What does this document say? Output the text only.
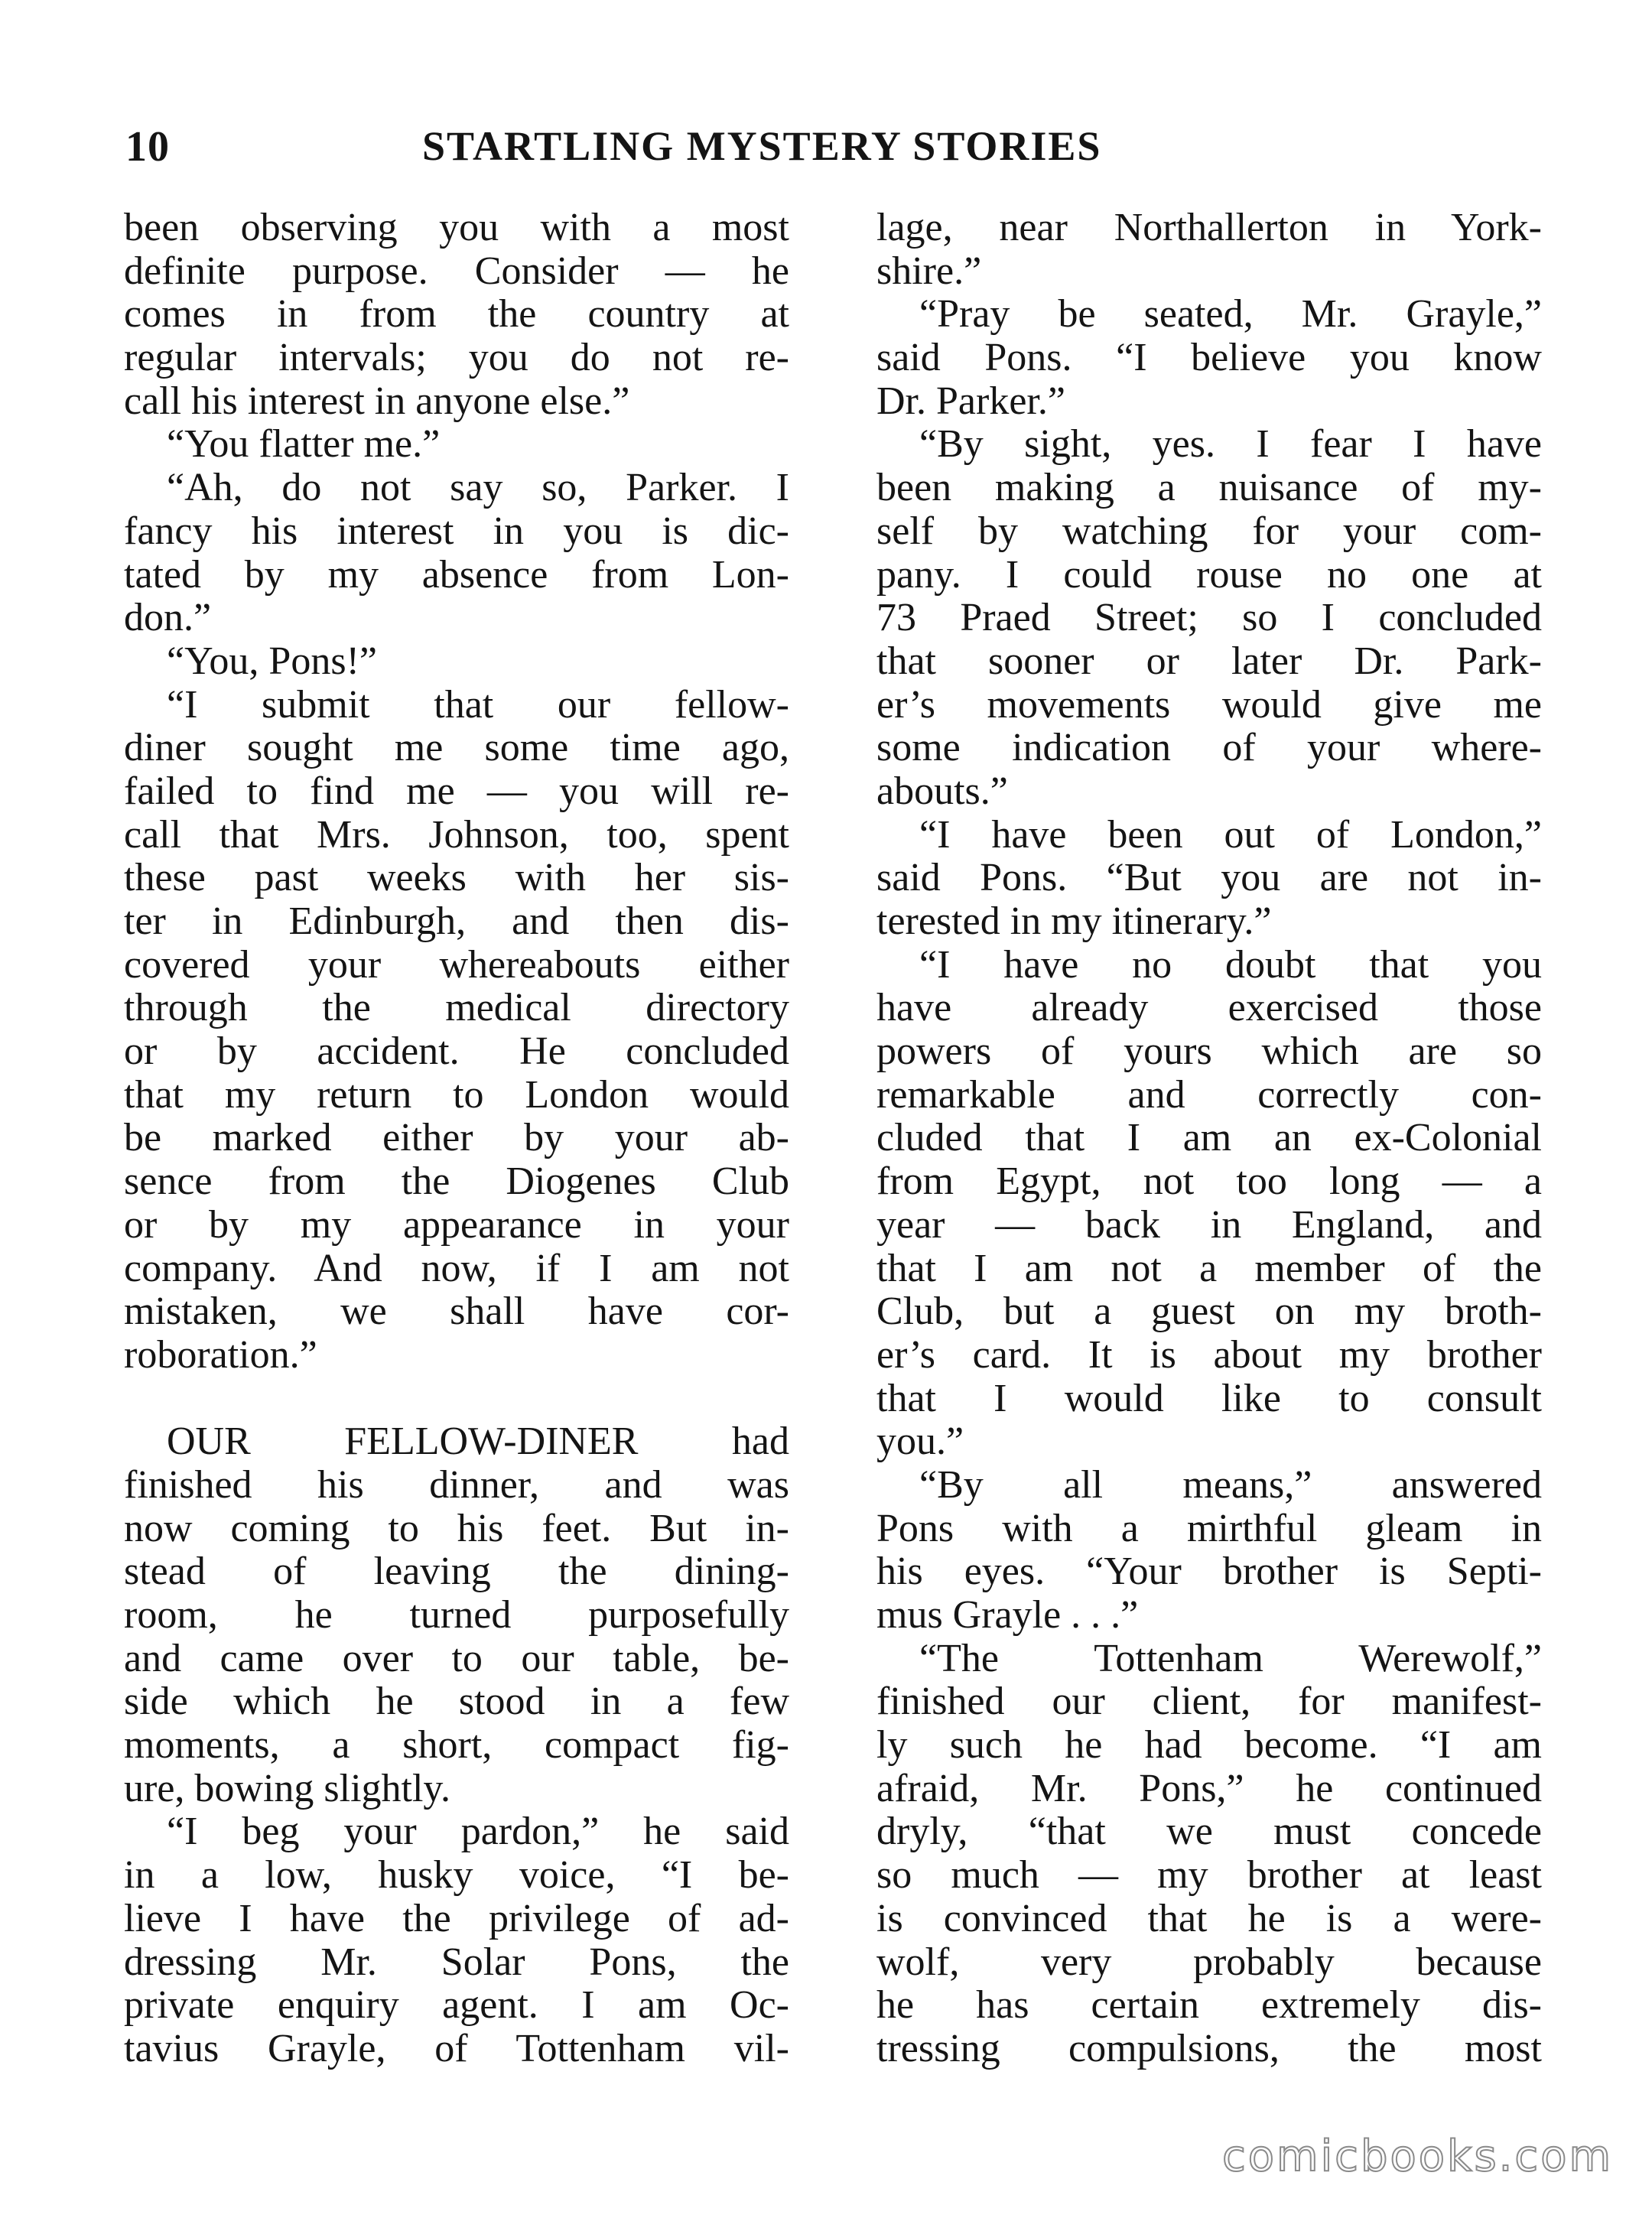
10	STARTLING MYSTERY STORIES
been observing you with a most
definite purpose. Consider — he
comes in from the country at
regular intervals; you do not re-
call his interest in anyone else.”
“You flatter me.”
“Ah, do not say so, Parker. I
fancy his interest in you is dic-
tated by my absence from Lon-
don.”
“You, Pons!”
“I submit that our fellow-
diner sought me some time ago,
failed to find me — you will re-
call that Mrs. Johnson, too, spent
these past weeks with her sis-
ter in Edinburgh, and then dis-
covered your whereabouts either
through the medical directory
or by accident. He concluded
that my return to London would
be marked either by your ab-
sence from the Diogenes Club
or by my appearance in your
company. And now, if I am not
mistaken, we shall have cor-
roboration.”
OUR FELLOW-DINER had
finished his dinner, and was
now coming to his feet. But in-
stead of leaving the dining-
room, he turned purposefully
and came over to our table, be-
side which he stood in a few
moments, a short, compact fig-
ure, bowing slightly.
“I beg your pardon,” he said
in a low, husky voice, “I be-
lieve I have the privilege of ad-
dressing Mr. Solar Pons, the
private enquiry agent. I am Oc-
tavius Grayle, of Tottenham vil-
lage, near Northallerton in York-
shire.”
“Pray be seated, Mr. Grayle,”
said Pons. “I believe you know
Dr. Parker.”
“By sight, yes. I fear I have
been making a nuisance of my-
self by watching for your com-
pany. I could rouse no one at
73 Praed Street; so I concluded
that sooner or later Dr. Park-
er’s movements would give me
some indication of your where-
abouts.”
“I have been out of London,”
said Pons. “But you are not in-
terested in my itinerary.”
“I have no doubt that you
have already exercised those
powers of yours which are so
remarkable and correctly con-
cluded that I am an ex-Colonial
from Egypt, not too long — a
year — back in England, and
that I am not a member of the
Club, but a guest on my broth-
er’s card. It is about my brother
that I would like to consult
you.”
“By all means,” answered
Pons with a mirthful gleam in
his eyes. “Your brother is Septi-
mus Grayle . . .”
“The Tottenham Werewolf,”
finished our client, for manifest-
ly such he had become. “I am
afraid, Mr. Pons,” he continued
dryly, “that we must concede
so much — my brother at least
is convinced that he is a were-
wolf, very probably because
he has certain extremely dis-
tressing compulsions, the most
comicbooks.com
